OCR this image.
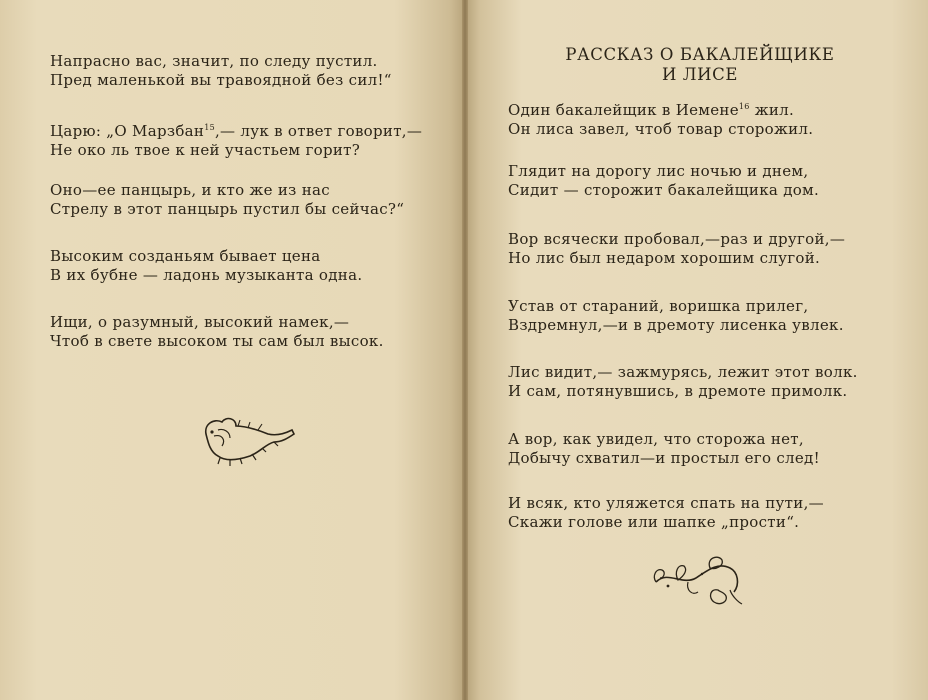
Напрасно вас, значит, по следу пустил.
Пред маленькой вы травоядной без сил!“
Царю: „О Марзбан$^{15}$,— лук в ответ говорит,—
Не око ль твое к ней участьем горит?
Оно—ее панцырь, и кто же из нас
Стрелу в этот панцырь пустил бы сейчас?“
Высоким созданьям бывает цена
В их бубне — ладонь музыканта одна.
Ищи, о разумный, высокий намек,—
Чтоб в свете высоком ты сам был высок.
РАССКАЗ О БАКАЛЕЙЩИКЕ
И ЛИСЕ
Один бакалейщик в Иемене$^{16}$ жил.
Он лиса завел, чтоб товар сторожил.
Глядит на дорогу лис ночью и днем,
Сидит — сторожит бакалейщика дом.
Вор всячески пробовал,—раз и другой,—
Но лис был недаром хорошим слугой.
Устав от стараний, воришка прилег,
Вздремнул,—и в дремоту лисенка увлек.
Лис видит,— зажмурясь, лежит этот волк.
И сам, потянувшись, в дремоте примолк.
А вор, как увидел, что сторожа нет,
Добычу схватил—и простыл его след!
И всяк, кто уляжется спать на пути,—
Скажи голове или шапке „прости“.
